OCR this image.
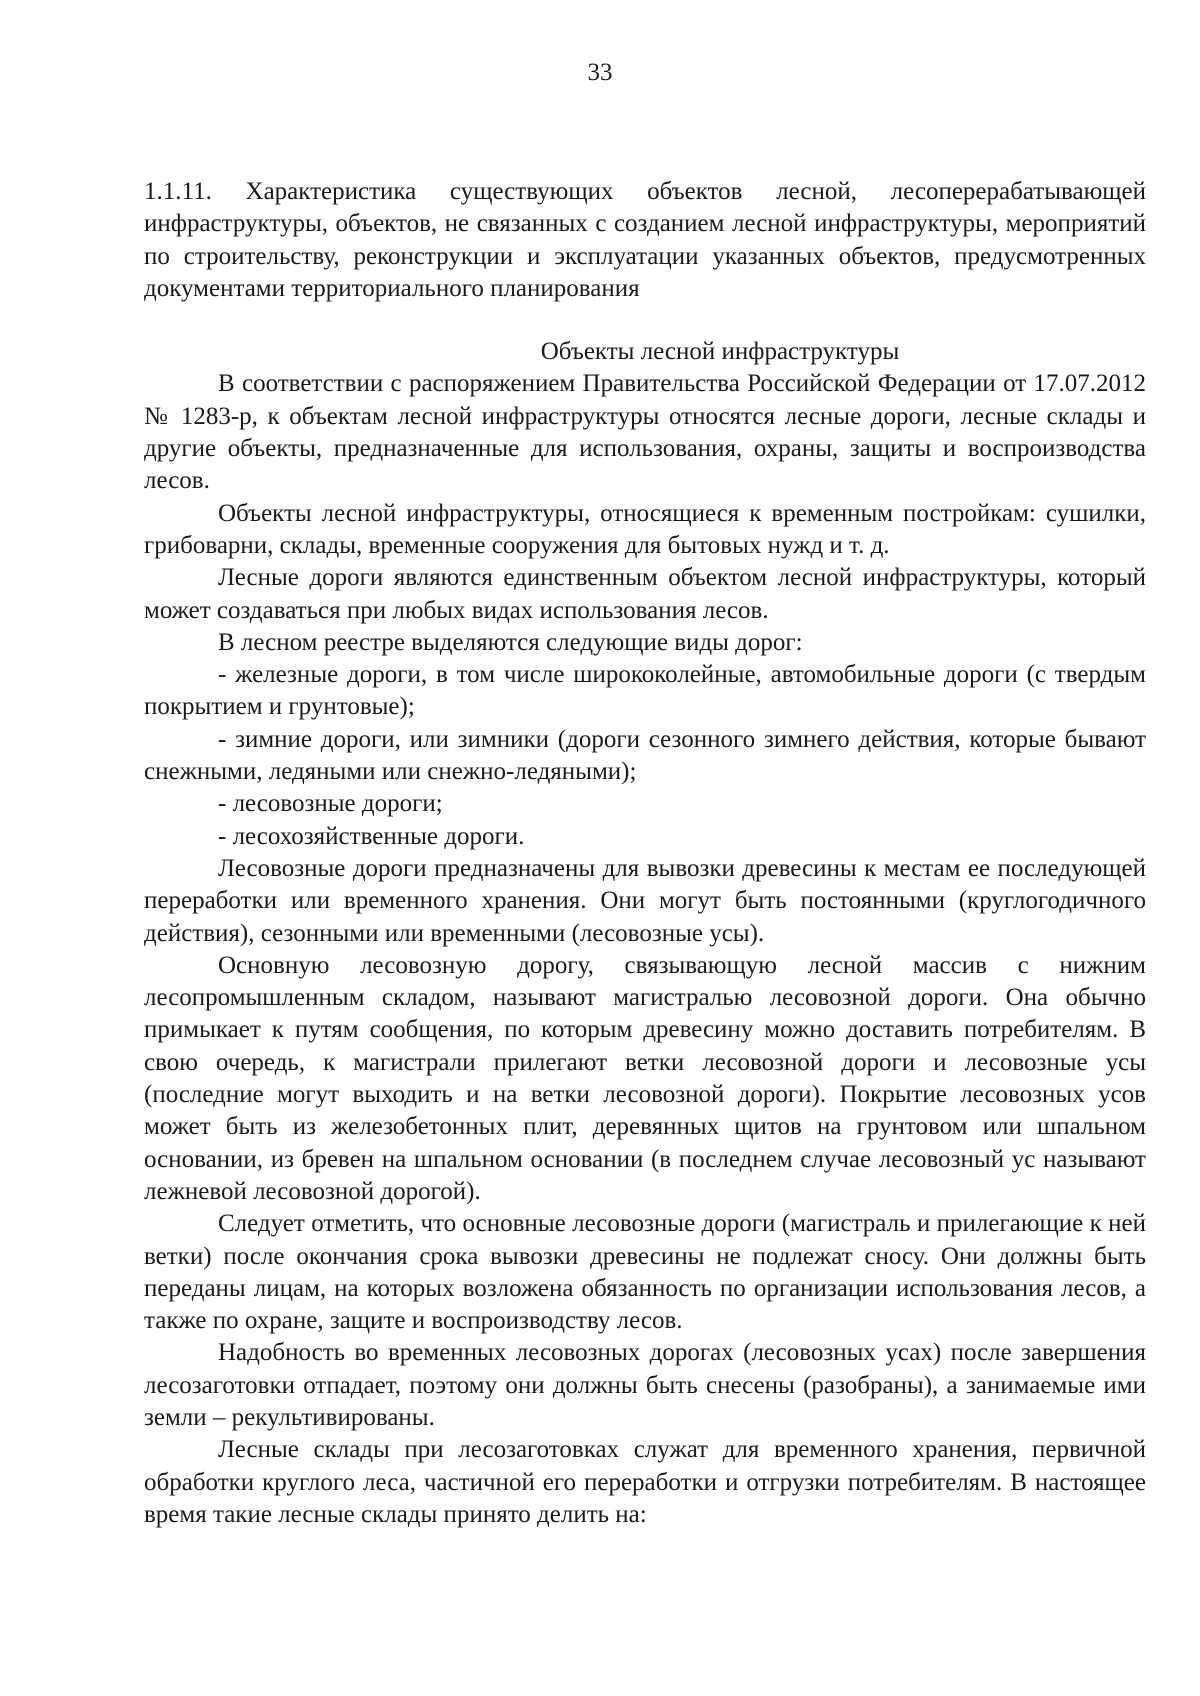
33

1.1.11. Характеристика существующих объектов лесной, лесоперерабатывающей инфраструктуры, объектов, не связанных с созданием лесной инфраструктуры, мероприятий по строительству, реконструкции и эксплуатации указанных объектов, предусмотренных документами территориального планирования

Объекты лесной инфраструктуры

В соответствии с распоряжением Правительства Российской Федерации от 17.07.2012 № 1283-р, к объектам лесной инфраструктуры относятся лесные дороги, лесные склады и другие объекты, предназначенные для использования, охраны, защиты и воспроизводства лесов.

Объекты лесной инфраструктуры, относящиеся к временным постройкам: сушилки, грибоварни, склады, временные сооружения для бытовых нужд и т. д.

Лесные дороги являются единственным объектом лесной инфраструктуры, который может создаваться при любых видах использования лесов.

В лесном реестре выделяются следующие виды дорог:

- железные дороги, в том числе ширококолейные, автомобильные дороги (с твердым покрытием и грунтовые);

- зимние дороги, или зимники (дороги сезонного зимнего действия, которые бывают снежными, ледяными или снежно-ледяными);

- лесовозные дороги;

- лесохозяйственные дороги.

Лесовозные дороги предназначены для вывозки древесины к местам ее последующей переработки или временного хранения. Они могут быть постоянными (круглогодичного действия), сезонными или временными (лесовозные усы).

Основную лесовозную дорогу, связывающую лесной массив с нижним лесопромышленным складом, называют магистралью лесовозной дороги. Она обычно примыкает к путям сообщения, по которым древесину можно доставить потребителям. В свою очередь, к магистрали прилегают ветки лесовозной дороги и лесовозные усы (последние могут выходить и на ветки лесовозной дороги). Покрытие лесовозных усов может быть из железобетонных плит, деревянных щитов на грунтовом или шпальном основании, из бревен на шпальном основании (в последнем случае лесовозный ус называют лежневой лесовозной дорогой).

Следует отметить, что основные лесовозные дороги (магистраль и прилегающие к ней ветки) после окончания срока вывозки древесины не подлежат сносу. Они должны быть переданы лицам, на которых возложена обязанность по организации использования лесов, а также по охране, защите и воспроизводству лесов.

Надобность во временных лесовозных дорогах (лесовозных усах) после завершения лесозаготовки отпадает, поэтому они должны быть снесены (разобраны), а занимаемые ими земли – рекультивированы.

Лесные склады при лесозаготовках служат для временного хранения, первичной обработки круглого леса, частичной его переработки и отгрузки потребителям. В настоящее время такие лесные склады принято делить на:
